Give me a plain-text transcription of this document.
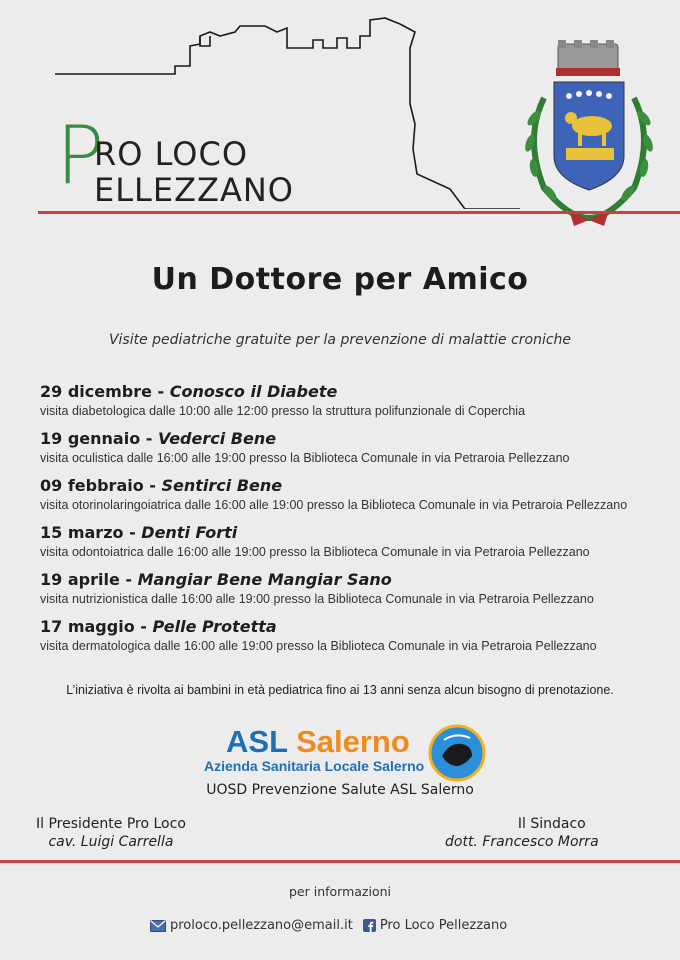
P
RO LOCO
ELLEZZANO
Un Dottore per Amico
Visite pediatriche gratuite per la prevenzione di malattie croniche
29 dicembre - Conosco il Diabete
visita diabetologica dalle 10:00 alle 12:00 presso la struttura polifunzionale di Coperchia
19 gennaio - Vederci Bene
visita oculistica dalle 16:00 alle 19:00 presso la Biblioteca Comunale in via Petraroia Pellezzano
09 febbraio - Sentirci Bene
visita otorinolaringoiatrica dalle 16:00 alle 19:00 presso la Biblioteca Comunale in via Petraroia Pellezzano
15 marzo - Denti Forti
visita odontoiatrica dalle 16:00 alle 19:00 presso la Biblioteca Comunale in via Petraroia Pellezzano
19 aprile - Mangiar Bene Mangiar Sano
visita nutrizionistica dalle 16:00 alle 19:00 presso la Biblioteca Comunale in via Petraroia Pellezzano
17 maggio - Pelle Protetta
visita dermatologica dalle 16:00 alle 19:00 presso la Biblioteca Comunale in via Petraroia Pellezzano
L’iniziativa è rivolta ai bambini in età pediatrica fino ai 13 anni senza alcun bisogno di prenotazione.
ASL Salerno
Azienda Sanitaria Locale Salerno
UOSD Prevenzione Salute ASL Salerno
Il Presidente Pro Loco
cav. Luigi Carrella
Il Sindaco
dott. Francesco Morra
per informazioni
proloco.pellezzano@email.it Pro Loco Pellezzano
